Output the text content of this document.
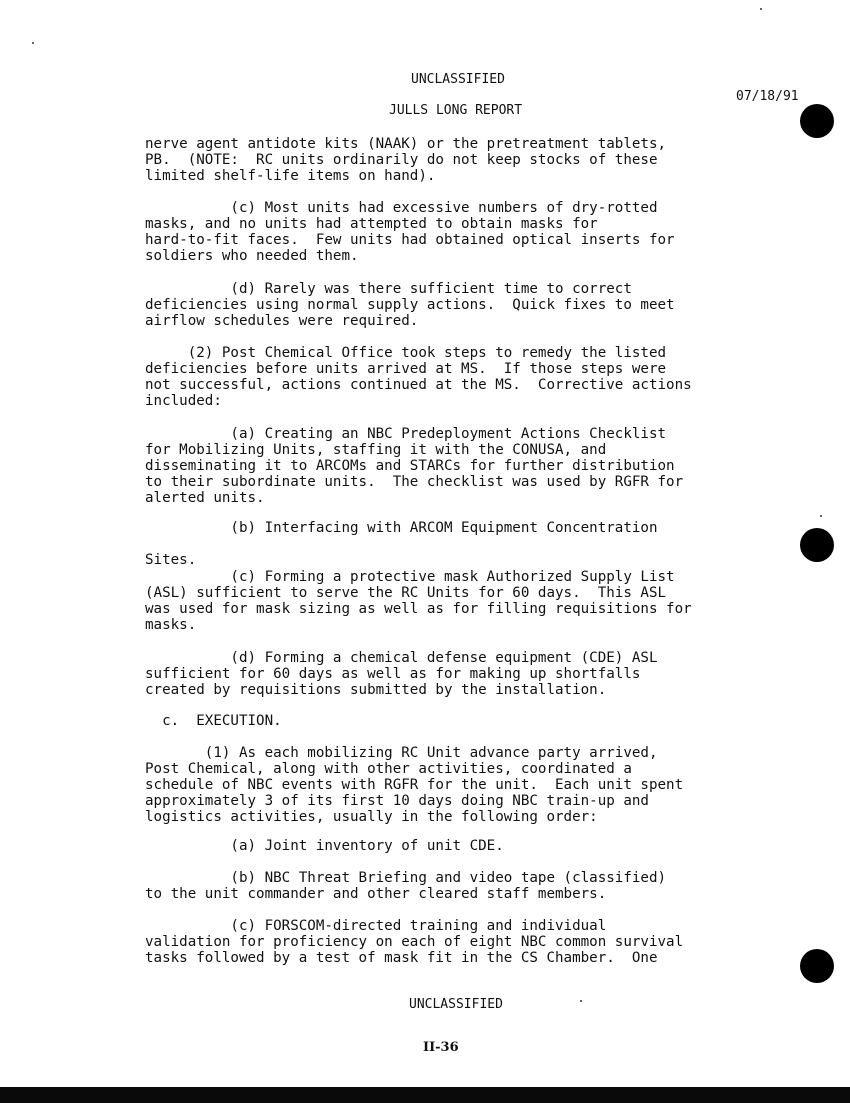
UNCLASSIFIED
07/18/91
JULLS LONG REPORT
nerve agent antidote kits (NAAK) or the pretreatment tablets,
PB.  (NOTE:  RC units ordinarily do not keep stocks of these
limited shelf-life items on hand).
(c) Most units had excessive numbers of dry-rotted
masks, and no units had attempted to obtain masks for
hard-to-fit faces.  Few units had obtained optical inserts for
soldiers who needed them.
(d) Rarely was there sufficient time to correct
deficiencies using normal supply actions.  Quick fixes to meet
airflow schedules were required.
(2) Post Chemical Office took steps to remedy the listed
deficiencies before units arrived at MS.  If those steps were
not successful, actions continued at the MS.  Corrective actions
included:
(a) Creating an NBC Predeployment Actions Checklist
for Mobilizing Units, staffing it with the CONUSA, and
disseminating it to ARCOMs and STARCs for further distribution
to their subordinate units.  The checklist was used by RGFR for
alerted units.
(b) Interfacing with ARCOM Equipment Concentration

Sites.
(c) Forming a protective mask Authorized Supply List
(ASL) sufficient to serve the RC Units for 60 days.  This ASL
was used for mask sizing as well as for filling requisitions for
masks.
(d) Forming a chemical defense equipment (CDE) ASL
sufficient for 60 days as well as for making up shortfalls
created by requisitions submitted by the installation.
c.  EXECUTION.
(1) As each mobilizing RC Unit advance party arrived,
Post Chemical, along with other activities, coordinated a
schedule of NBC events with RGFR for the unit.  Each unit spent
approximately 3 of its first 10 days doing NBC train-up and
logistics activities, usually in the following order:
(a) Joint inventory of unit CDE.
(b) NBC Threat Briefing and video tape (classified)
to the unit commander and other cleared staff members.
(c) FORSCOM-directed training and individual
validation for proficiency on each of eight NBC common survival
tasks followed by a test of mask fit in the CS Chamber.  One
UNCLASSIFIED
II-36
